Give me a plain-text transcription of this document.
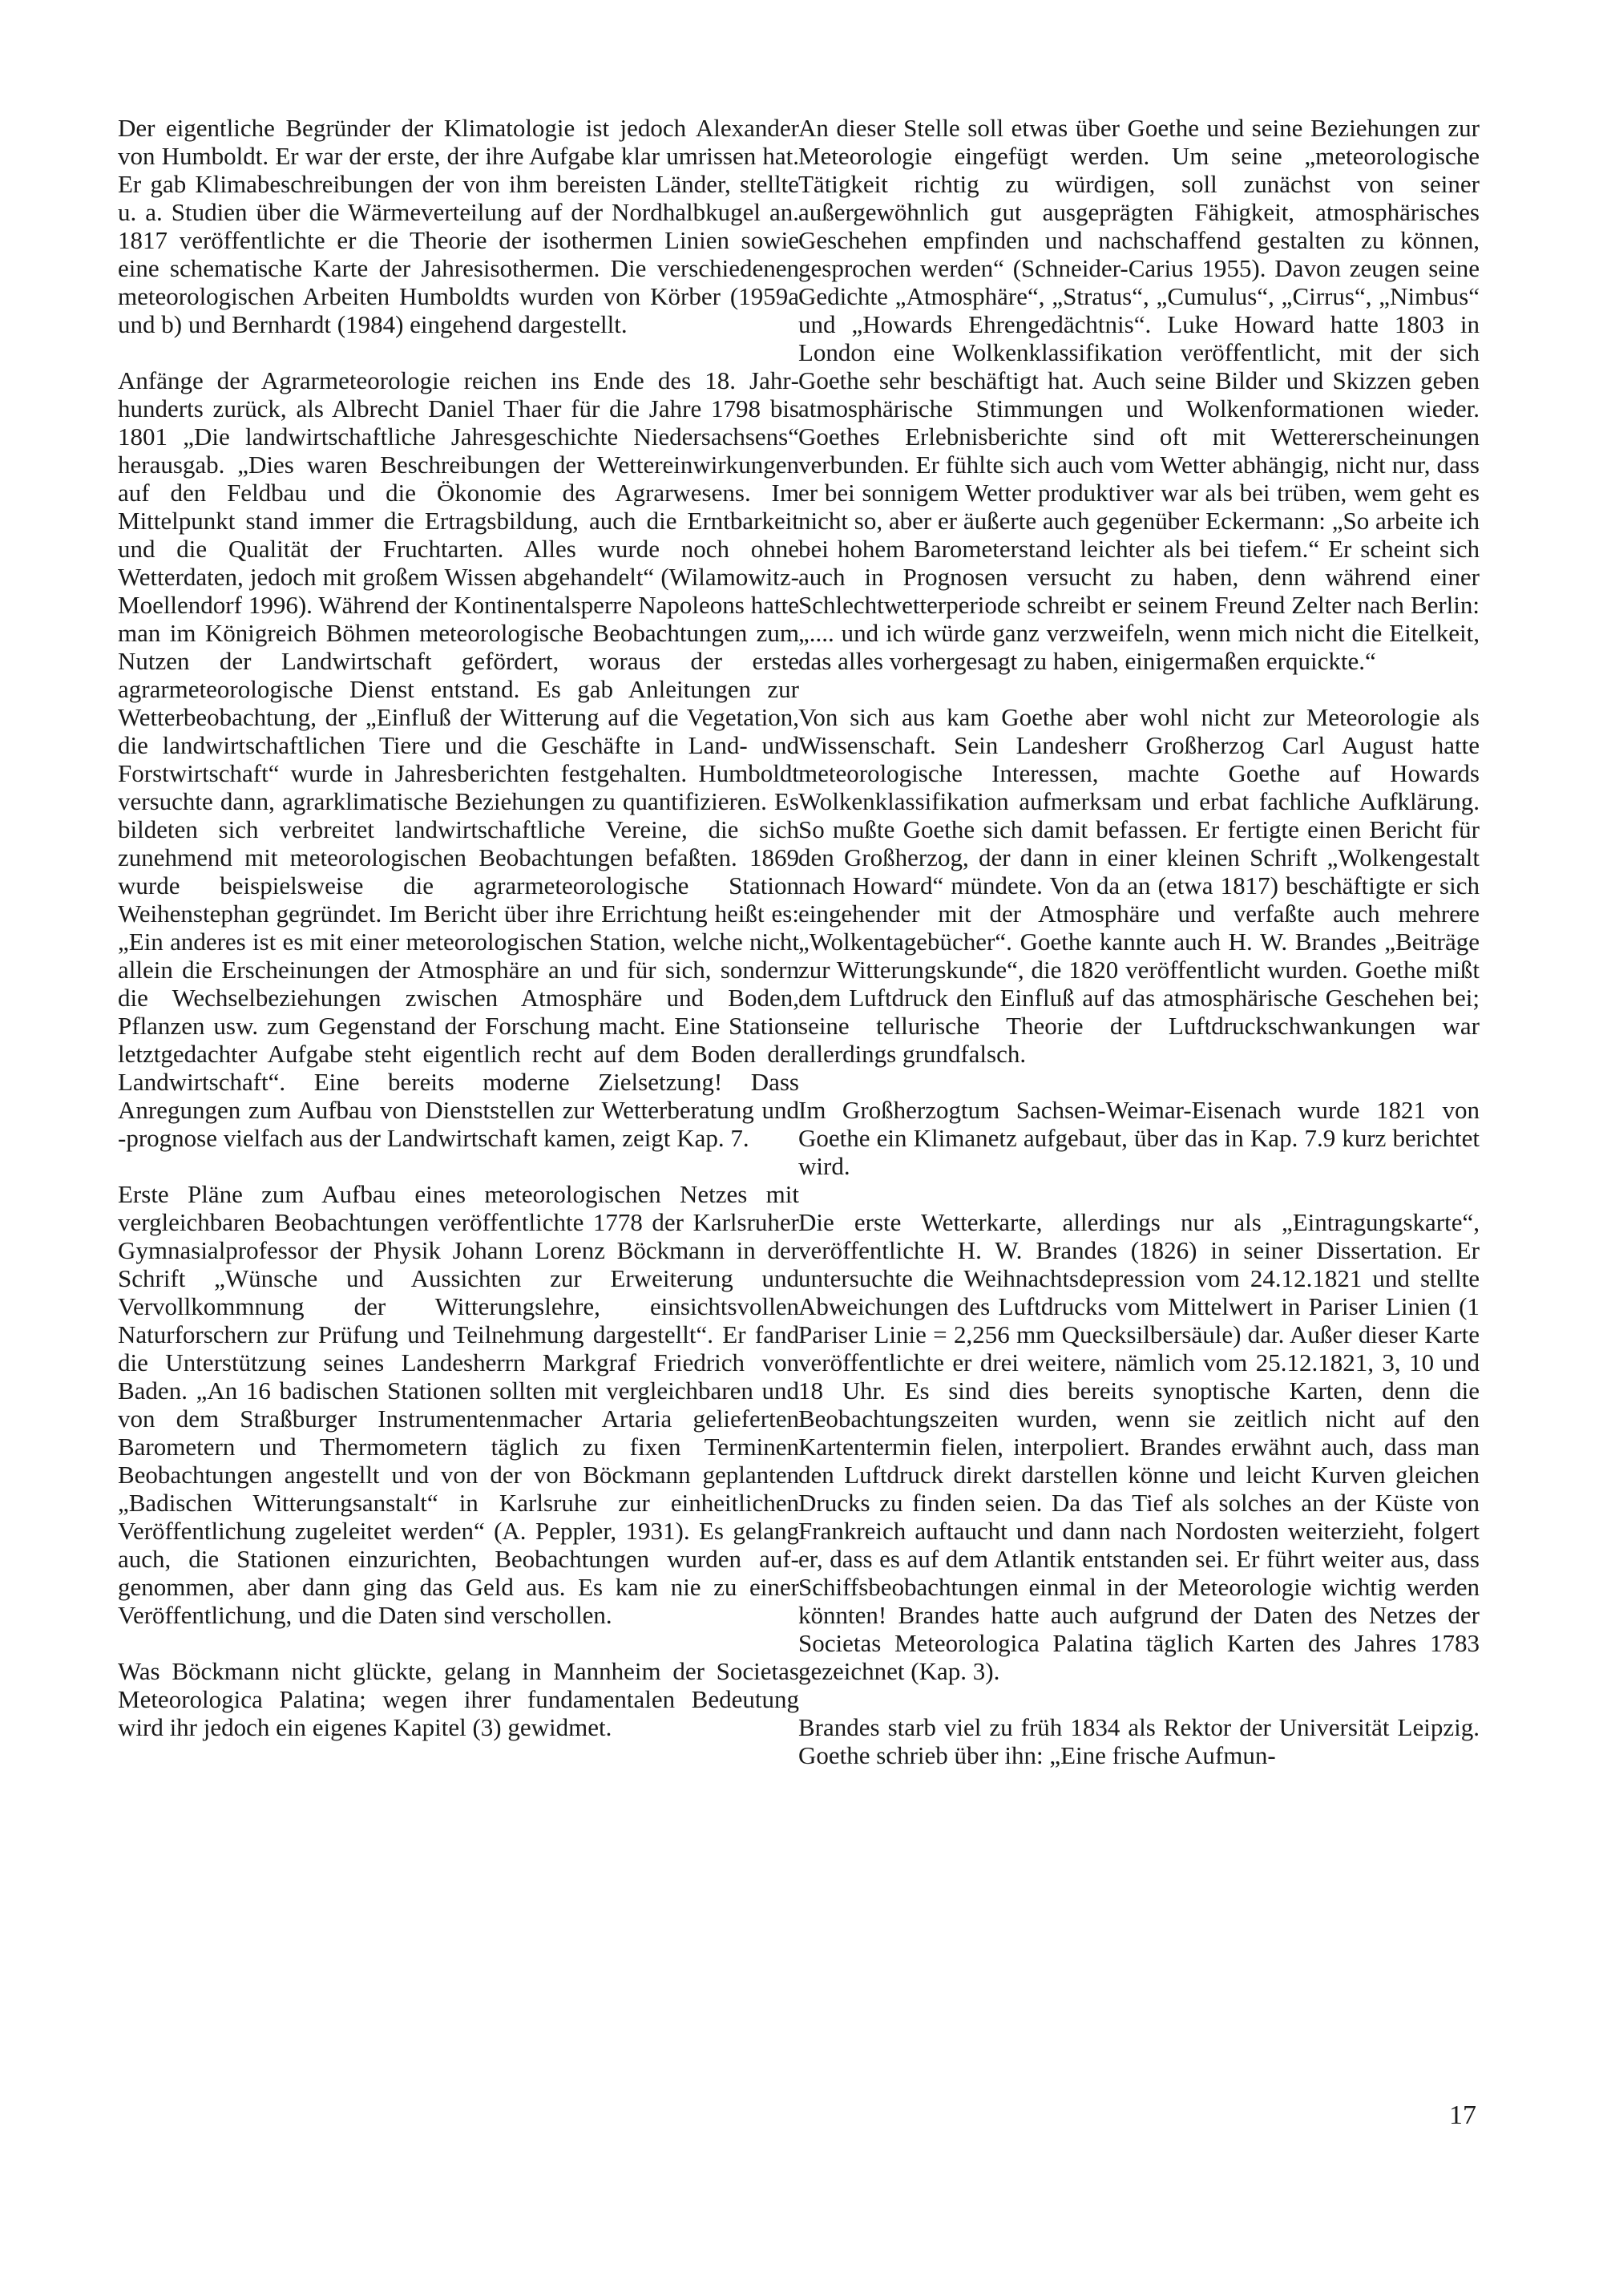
Der eigentliche Begründer der Klimatologie ist jedoch Alexander von Humboldt. Er war der erste, der ihre Aufgabe klar umrissen hat. Er gab Klimabeschreibungen der von ihm bereisten Länder, stellte u. a. Studien über die Wärmeverteilung auf der Nordhalbkugel an. 1817 veröffentlichte er die Theorie der isothermen Linien sowie eine schematische Karte der Jahresisothermen. Die verschiedenen meteorologischen Arbeiten Humboldts wurden von Körber (1959a und b) und Bernhardt (1984) eingehend dargestellt.

Anfänge der Agrarmeteorologie reichen ins Ende des 18. Jahrhunderts zurück, als Albrecht Daniel Thaer für die Jahre 1798 bis 1801 „Die landwirtschaftliche Jahresgeschichte Niedersachsens“ herausgab. „Dies waren Beschreibungen der Wettereinwirkungen auf den Feldbau und die Ökonomie des Agrarwesens. Im Mittelpunkt stand immer die Ertragsbildung, auch die Erntbarkeit und die Qualität der Fruchtarten. Alles wurde noch ohne Wetterdaten, jedoch mit großem Wissen abgehandelt“ (Wilamowitz-Moellendorf 1996). Während der Kontinentalsperre Napoleons hatte man im Königreich Böhmen meteorologische Beobachtungen zum Nutzen der Landwirtschaft gefördert, woraus der erste agrarmeteorologische Dienst entstand. Es gab Anleitungen zur Wetterbeobachtung, der „Einfluß der Witterung auf die Vegetation, die landwirtschaftlichen Tiere und die Geschäfte in Land- und Forstwirtschaft“ wurde in Jahresberichten festgehalten. Humboldt versuchte dann, agrarklimatische Beziehungen zu quantifizieren. Es bildeten sich verbreitet landwirtschaftliche Vereine, die sich zunehmend mit meteorologischen Beobachtungen befaßten. 1869 wurde beispielsweise die agrarmeteorologische Station Weihenstephan gegründet. Im Bericht über ihre Errichtung heißt es: „Ein anderes ist es mit einer meteorologischen Station, welche nicht allein die Erscheinungen der Atmosphäre an und für sich, sondern die Wechselbeziehungen zwischen Atmosphäre und Boden, Pflanzen usw. zum Gegenstand der Forschung macht. Eine Station letztgedachter Aufgabe steht eigentlich recht auf dem Boden der Landwirtschaft“. Eine bereits moderne Zielsetzung! Dass Anregungen zum Aufbau von Dienststellen zur Wetterberatung und -prognose vielfach aus der Landwirtschaft kamen, zeigt Kap. 7.

Erste Pläne zum Aufbau eines meteorologischen Netzes mit vergleichbaren Beobachtungen veröffentlichte 1778 der Karlsruher Gymnasialprofessor der Physik Johann Lorenz Böckmann in der Schrift „Wünsche und Aussichten zur Erweiterung und Vervollkommnung der Witterungslehre, einsichtsvollen Naturforschern zur Prüfung und Teilnehmung dargestellt“. Er fand die Unterstützung seines Landesherrn Markgraf Friedrich von Baden. „An 16 badischen Stationen sollten mit vergleichbaren und von dem Straßburger Instrumentenmacher Artaria gelieferten Barometern und Thermometern täglich zu fixen Terminen Beobachtungen angestellt und von der von Böckmann geplanten „Badischen Witterungsanstalt“ in Karlsruhe zur einheitlichen Veröffentlichung zugeleitet werden“ (A. Peppler, 1931). Es gelang auch, die Stationen einzurichten, Beobachtungen wurden aufgenommen, aber dann ging das Geld aus. Es kam nie zu einer Veröffentlichung, und die Daten sind verschollen.

Was Böckmann nicht glückte, gelang in Mannheim der Societas Meteorologica Palatina; wegen ihrer fundamentalen Bedeutung wird ihr jedoch ein eigenes Kapitel (3) gewidmet.

An dieser Stelle soll etwas über Goethe und seine Beziehungen zur Meteorologie eingefügt werden. Um seine „meteorologische Tätigkeit richtig zu würdigen, soll zunächst von seiner außergewöhnlich gut ausgeprägten Fähigkeit, atmosphärisches Geschehen empfinden und nachschaffend gestalten zu können, gesprochen werden“ (Schneider-Carius 1955). Davon zeugen seine Gedichte „Atmosphäre“, „Stratus“, „Cumulus“, „Cirrus“, „Nimbus“ und „Howards Ehrengedächtnis“. Luke Howard hatte 1803 in London eine Wolkenklassifikation veröffentlicht, mit der sich Goethe sehr beschäftigt hat. Auch seine Bilder und Skizzen geben atmosphärische Stimmungen und Wolkenformationen wieder. Goethes Erlebnisberichte sind oft mit Wettererscheinungen verbunden. Er fühlte sich auch vom Wetter abhängig, nicht nur, dass er bei sonnigem Wetter produktiver war als bei trüben, wem geht es nicht so, aber er äußerte auch gegenüber Eckermann: „So arbeite ich bei hohem Barometerstand leichter als bei tiefem.“ Er scheint sich auch in Prognosen versucht zu haben, denn während einer Schlechtwetterperiode schreibt er seinem Freund Zelter nach Berlin: „.... und ich würde ganz verzweifeln, wenn mich nicht die Eitelkeit, das alles vorhergesagt zu haben, einigermaßen erquickte.“

Von sich aus kam Goethe aber wohl nicht zur Meteorologie als Wissenschaft. Sein Landesherr Großherzog Carl August hatte meteorologische Interessen, machte Goethe auf Howards Wolkenklassifikation aufmerksam und erbat fachliche Aufklärung. So mußte Goethe sich damit befassen. Er fertigte einen Bericht für den Großherzog, der dann in einer kleinen Schrift „Wolkengestalt nach Howard“ mündete. Von da an (etwa 1817) beschäftigte er sich eingehender mit der Atmosphäre und verfaßte auch mehrere „Wolkentagebücher“. Goethe kannte auch H. W. Brandes „Beiträge zur Witterungskunde“, die 1820 veröffentlicht wurden. Goethe mißt dem Luftdruck den Einfluß auf das atmosphärische Geschehen bei; seine tellurische Theorie der Luftdruckschwankungen war allerdings grundfalsch.

Im Großherzogtum Sachsen-Weimar-Eisenach wurde 1821 von Goethe ein Klimanetz aufgebaut, über das in Kap. 7.9 kurz berichtet wird.

Die erste Wetterkarte, allerdings nur als „Eintragungskarte“, veröffentlichte H. W. Brandes (1826) in seiner Dissertation. Er untersuchte die Weihnachtsdepression vom 24.12.1821 und stellte Abweichungen des Luftdrucks vom Mittelwert in Pariser Linien (1 Pariser Linie = 2,256 mm Quecksilbersäule) dar. Außer dieser Karte veröffentlichte er drei weitere, nämlich vom 25.12.1821, 3, 10 und 18 Uhr. Es sind dies bereits synoptische Karten, denn die Beobachtungszeiten wurden, wenn sie zeitlich nicht auf den Kartentermin fielen, interpoliert. Brandes erwähnt auch, dass man den Luftdruck direkt darstellen könne und leicht Kurven gleichen Drucks zu finden seien. Da das Tief als solches an der Küste von Frankreich auftaucht und dann nach Nordosten weiterzieht, folgert er, dass es auf dem Atlantik entstanden sei. Er führt weiter aus, dass Schiffsbeobachtungen einmal in der Meteorologie wichtig werden könnten! Brandes hatte auch aufgrund der Daten des Netzes der Societas Meteorologica Palatina täglich Karten des Jahres 1783 gezeichnet (Kap. 3).

Brandes starb viel zu früh 1834 als Rektor der Universität Leipzig. Goethe schrieb über ihn: „Eine frische Aufmun-

17
